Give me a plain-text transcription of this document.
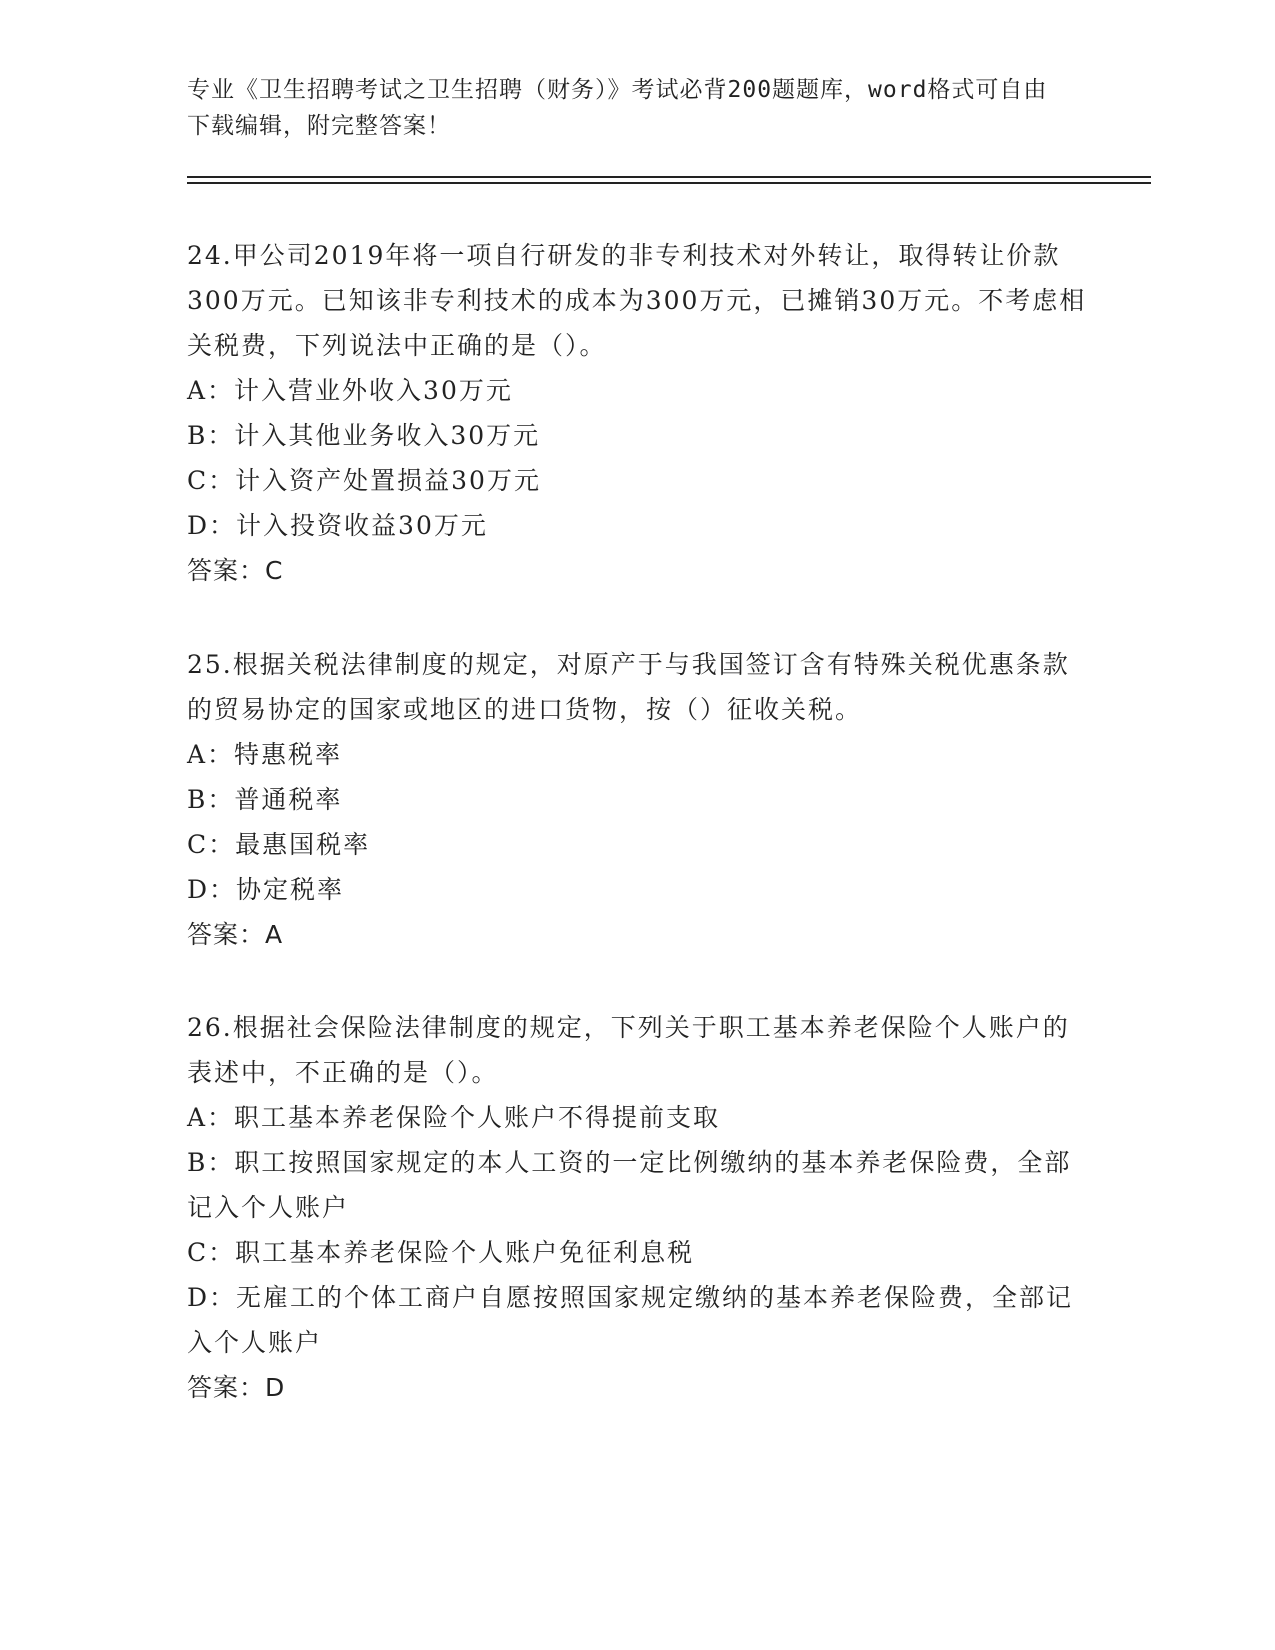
专业《卫生招聘考试之卫生招聘（财务）》考试必背200题题库，word格式可自由下载编辑，附完整答案！

24.甲公司2019年将一项自行研发的非专利技术对外转让，取得转让价款300万元。已知该非专利技术的成本为300万元，已摊销30万元。不考虑相关税费，下列说法中正确的是（）。

A：计入营业外收入30万元

B：计入其他业务收入30万元

C：计入资产处置损益30万元

D：计入投资收益30万元

答案：C

25.根据关税法律制度的规定，对原产于与我国签订含有特殊关税优惠条款的贸易协定的国家或地区的进口货物，按（）征收关税。

A：特惠税率

B：普通税率

C：最惠国税率

D：协定税率

答案：A

26.根据社会保险法律制度的规定，下列关于职工基本养老保险个人账户的表述中，不正确的是（）。

A：职工基本养老保险个人账户不得提前支取

B：职工按照国家规定的本人工资的一定比例缴纳的基本养老保险费，全部记入个人账户

C：职工基本养老保险个人账户免征利息税

D：无雇工的个体工商户自愿按照国家规定缴纳的基本养老保险费，全部记入个人账户

答案：D
